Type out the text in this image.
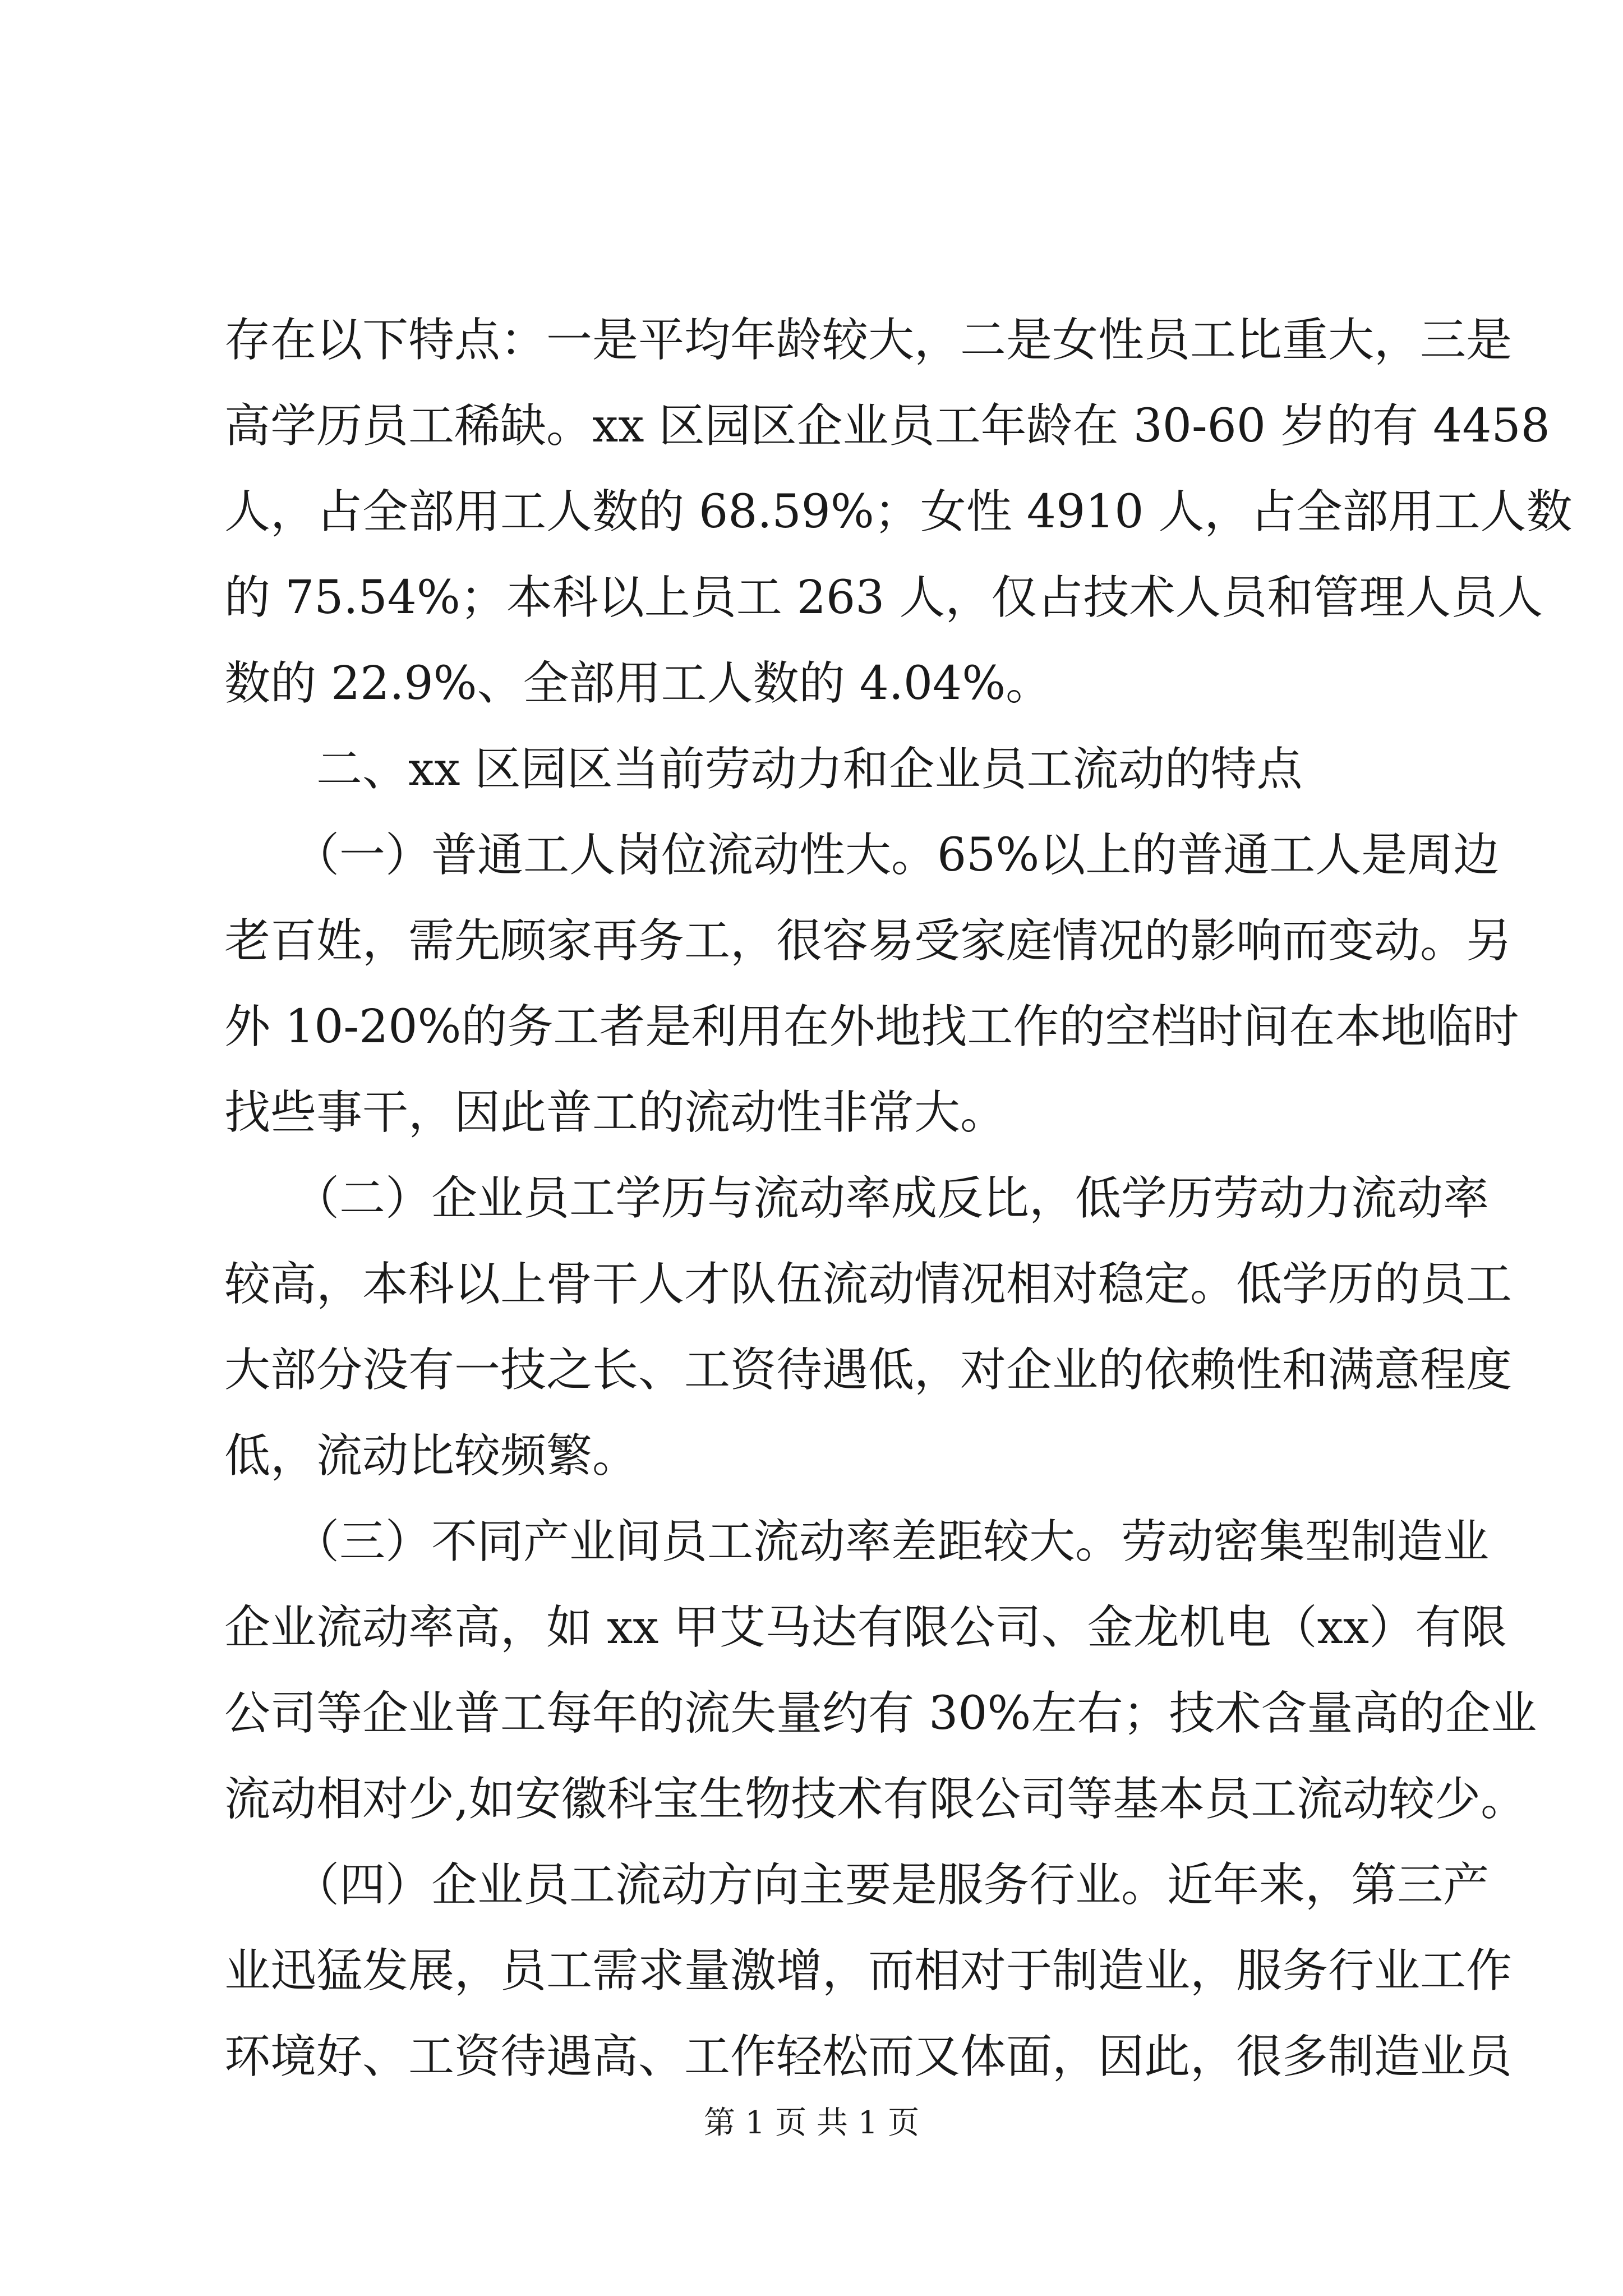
存在以下特点：一是平均年龄较大，二是女性员工比重大，三是
高学历员工稀缺。xx 区园区企业员工年龄在 30-60 岁的有 4458
人，占全部用工人数的 68.59%；女性 4910 人，占全部用工人数
的 75.54%；本科以上员工 263 人，仅占技术人员和管理人员人
数的 22.9%、全部用工人数的 4.04%。
　　二、xx 区园区当前劳动力和企业员工流动的特点
　　（一）普通工人岗位流动性大。65%以上的普通工人是周边
老百姓，需先顾家再务工，很容易受家庭情况的影响而变动。另
外 10-20%的务工者是利用在外地找工作的空档时间在本地临时
找些事干，因此普工的流动性非常大。
　　（二）企业员工学历与流动率成反比，低学历劳动力流动率
较高，本科以上骨干人才队伍流动情况相对稳定。低学历的员工
大部分没有一技之长、工资待遇低，对企业的依赖性和满意程度
低，流动比较频繁。
　　（三）不同产业间员工流动率差距较大。劳动密集型制造业
企业流动率高，如 xx 甲艾马达有限公司、金龙机电（xx）有限
公司等企业普工每年的流失量约有 30%左右；技术含量高的企业
流动相对少,如安徽科宝生物技术有限公司等基本员工流动较少。
　　（四）企业员工流动方向主要是服务行业。近年来，第三产
业迅猛发展，员工需求量激增，而相对于制造业，服务行业工作
环境好、工资待遇高、工作轻松而又体面，因此，很多制造业员
第 1 页 共 1 页
